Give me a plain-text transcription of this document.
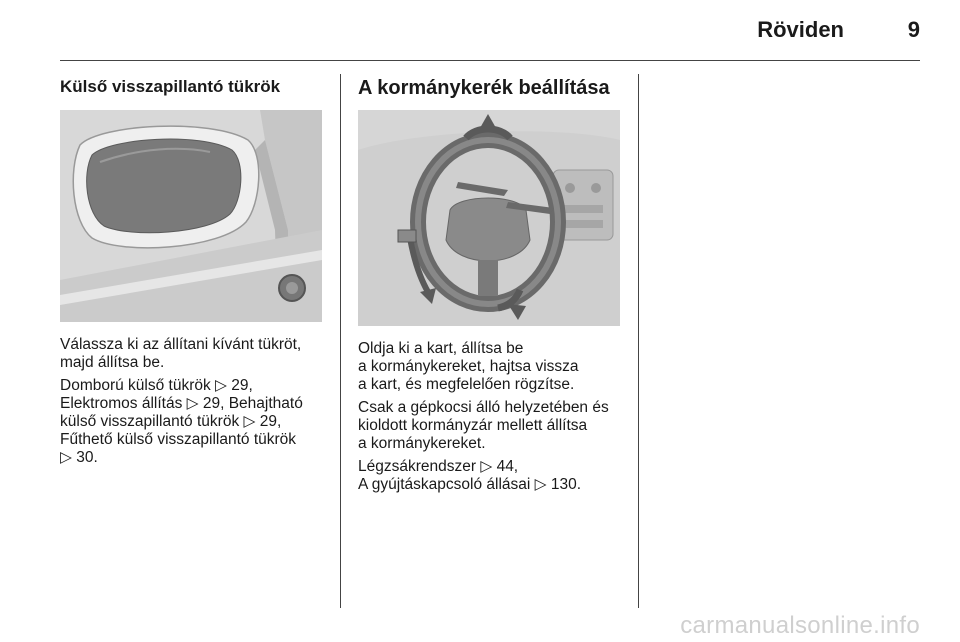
Röviden	9
Külső visszapillantó tükrök

Válassza ki az állítani kívánt tükröt,
majd állítsa be.

Domború külső tükrök ▷ 29,
Elektromos állítás ▷ 29, Behajtható
külső visszapillantó tükrök ▷ 29,
Fűthető külső visszapillantó tükrök
▷ 30.

A kormánykerék beállítása

Oldja ki a kart, állítsa be
a kormánykereket, hajtsa vissza
a kart, és megfelelően rögzítse.

Csak a gépkocsi álló helyzetében és
kioldott kormányzár mellett állítsa
a kormánykereket.

Légzsákrendszer ▷ 44,
A gyújtáskapcsoló állásai ▷ 130.

carmanualsonline.info
